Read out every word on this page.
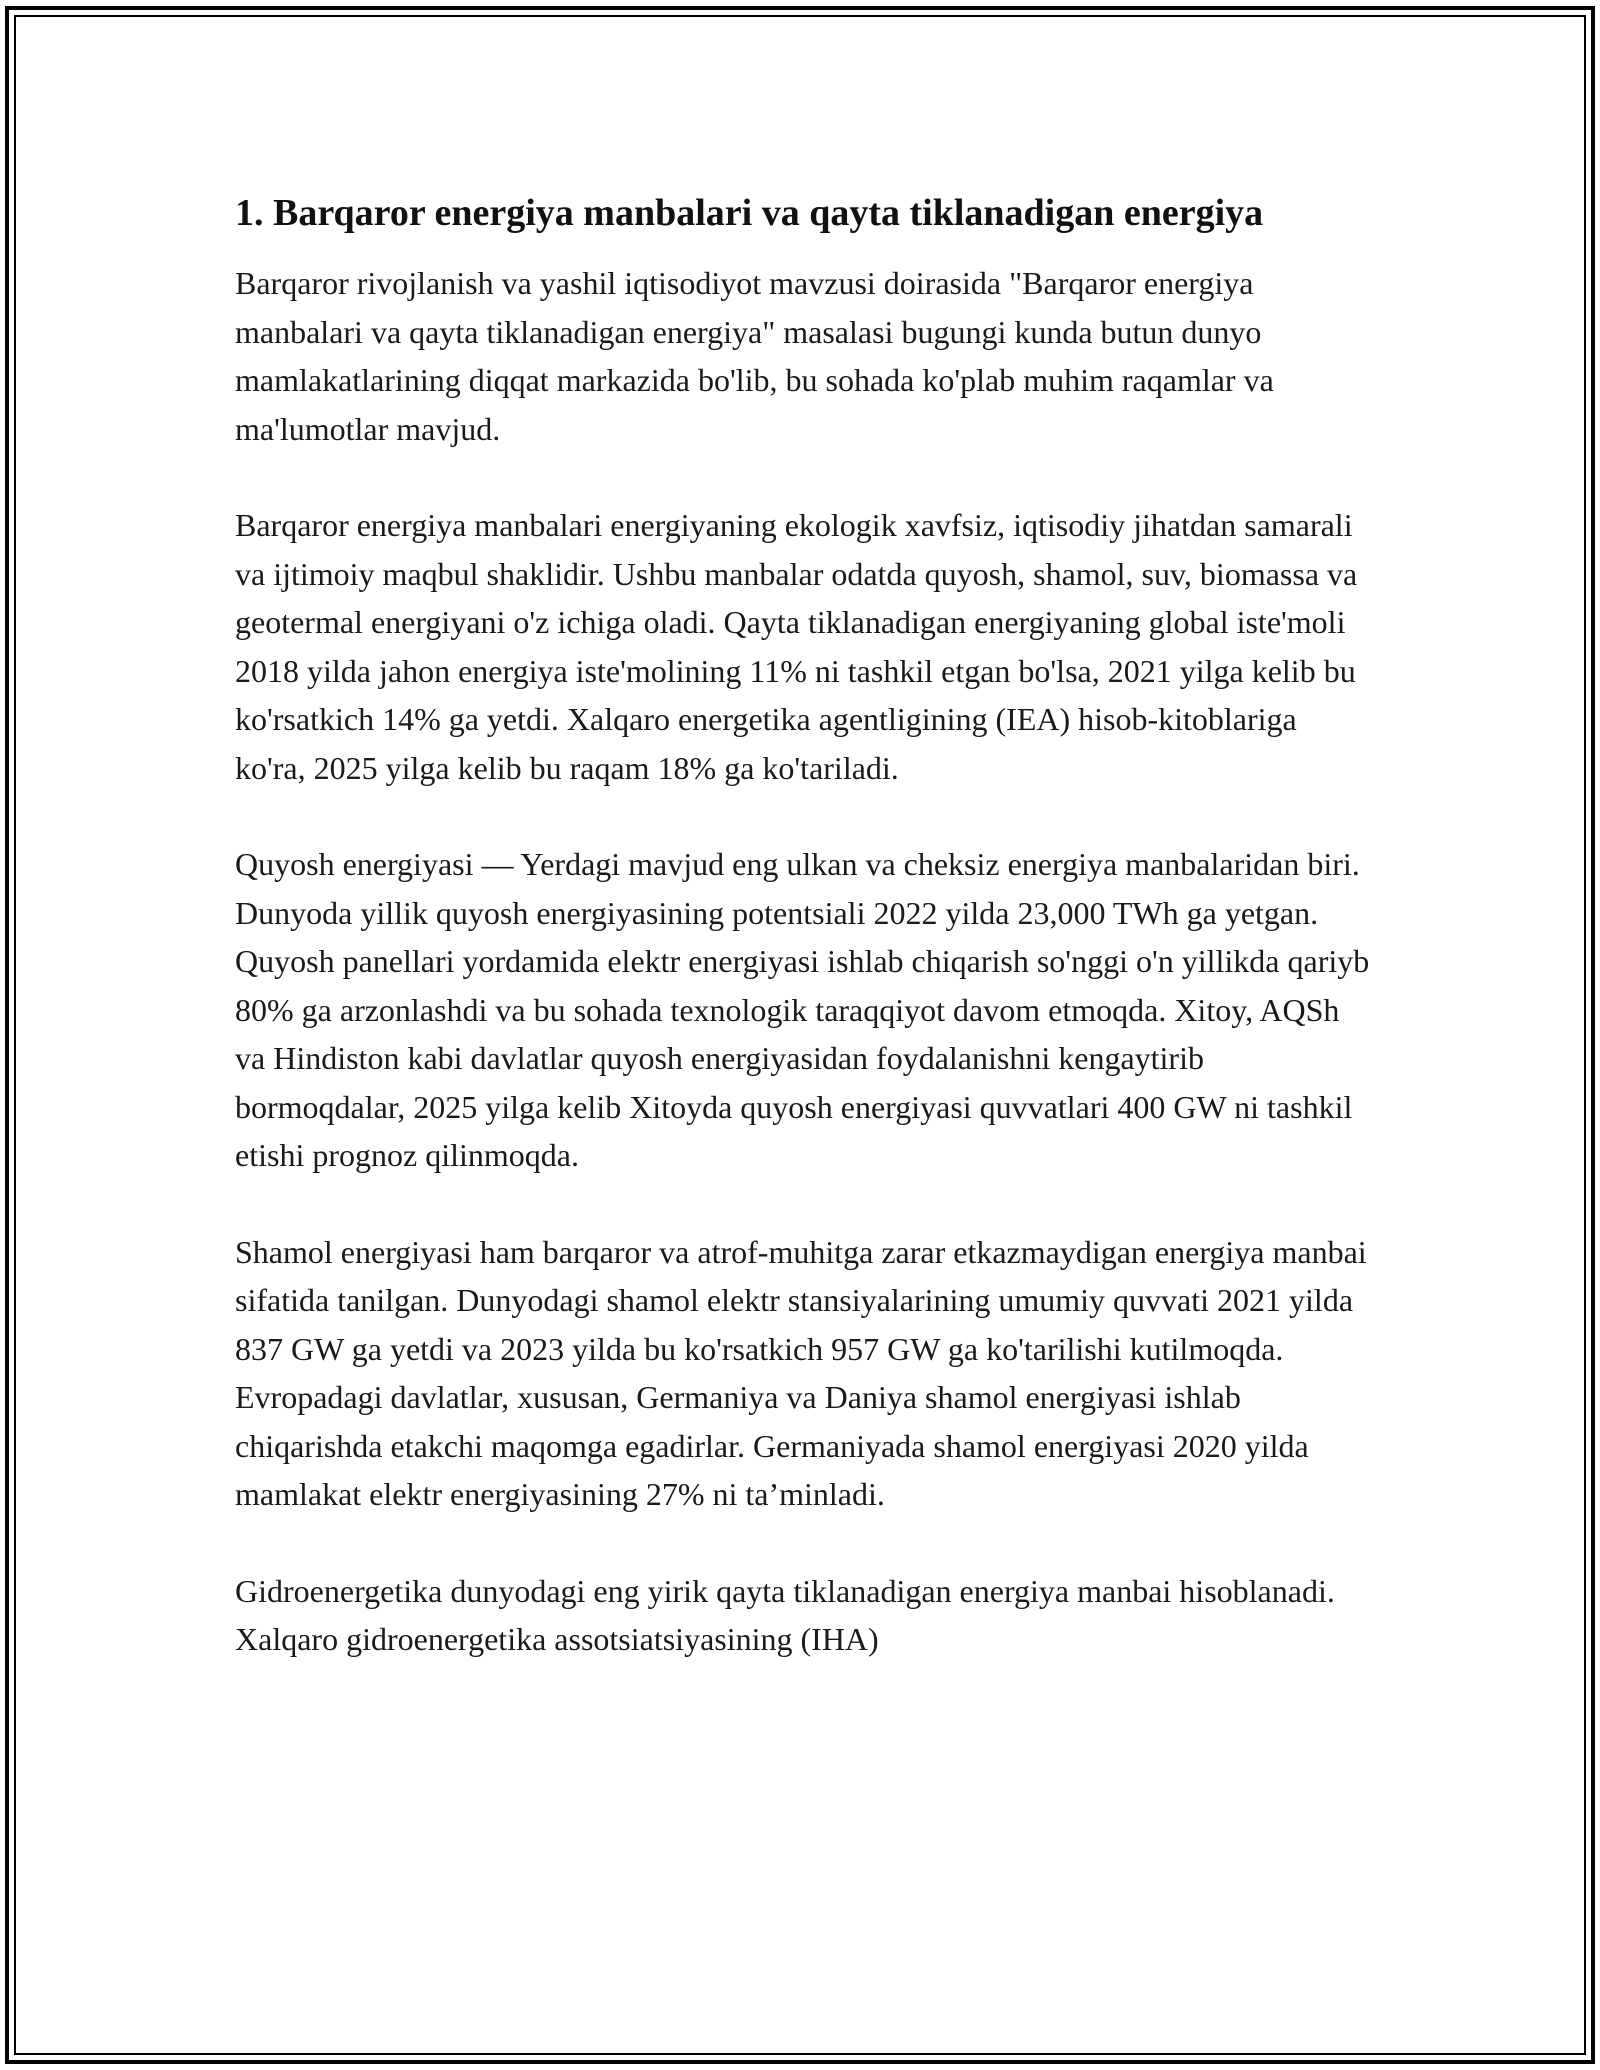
1. Barqaror energiya manbalari va qayta tiklanadigan energiya

Barqaror rivojlanish va yashil iqtisodiyot mavzusi doirasida "Barqaror energiya manbalari va qayta tiklanadigan energiya" masalasi bugungi kunda butun dunyo mamlakatlarining diqqat markazida bo'lib, bu sohada ko'plab muhim raqamlar va ma'lumotlar mavjud.

Barqaror energiya manbalari energiyaning ekologik xavfsiz, iqtisodiy jihatdan samarali va ijtimoiy maqbul shaklidir. Ushbu manbalar odatda quyosh, shamol, suv, biomassa va geotermal energiyani o'z ichiga oladi. Qayta tiklanadigan energiyaning global iste'moli 2018 yilda jahon energiya iste'molining 11% ni tashkil etgan bo'lsa, 2021 yilga kelib bu ko'rsatkich 14% ga yetdi. Xalqaro energetika agentligining (IEA) hisob-kitoblariga ko'ra, 2025 yilga kelib bu raqam 18% ga ko'tariladi.

Quyosh energiyasi — Yerdagi mavjud eng ulkan va cheksiz energiya manbalaridan biri. Dunyoda yillik quyosh energiyasining potentsiali 2022 yilda 23,000 TWh ga yetgan. Quyosh panellari yordamida elektr energiyasi ishlab chiqarish so'nggi o'n yillikda qariyb 80% ga arzonlashdi va bu sohada texnologik taraqqiyot davom etmoqda. Xitoy, AQSh va Hindiston kabi davlatlar quyosh energiyasidan foydalanishni kengaytirib bormoqdalar, 2025 yilga kelib Xitoyda quyosh energiyasi quvvatlari 400 GW ni tashkil etishi prognoz qilinmoqda.

Shamol energiyasi ham barqaror va atrof-muhitga zarar etkazmaydigan energiya manbai sifatida tanilgan. Dunyodagi shamol elektr stansiyalarining umumiy quvvati 2021 yilda 837 GW ga yetdi va 2023 yilda bu ko'rsatkich 957 GW ga ko'tarilishi kutilmoqda. Evropadagi davlatlar, xususan, Germaniya va Daniya shamol energiyasi ishlab chiqarishda etakchi maqomga egadirlar. Germaniyada shamol energiyasi 2020 yilda mamlakat elektr energiyasining 27% ni ta’minladi.

Gidroenergetika dunyodagi eng yirik qayta tiklanadigan energiya manbai hisoblanadi. Xalqaro gidroenergetika assotsiatsiyasining (IHA)
